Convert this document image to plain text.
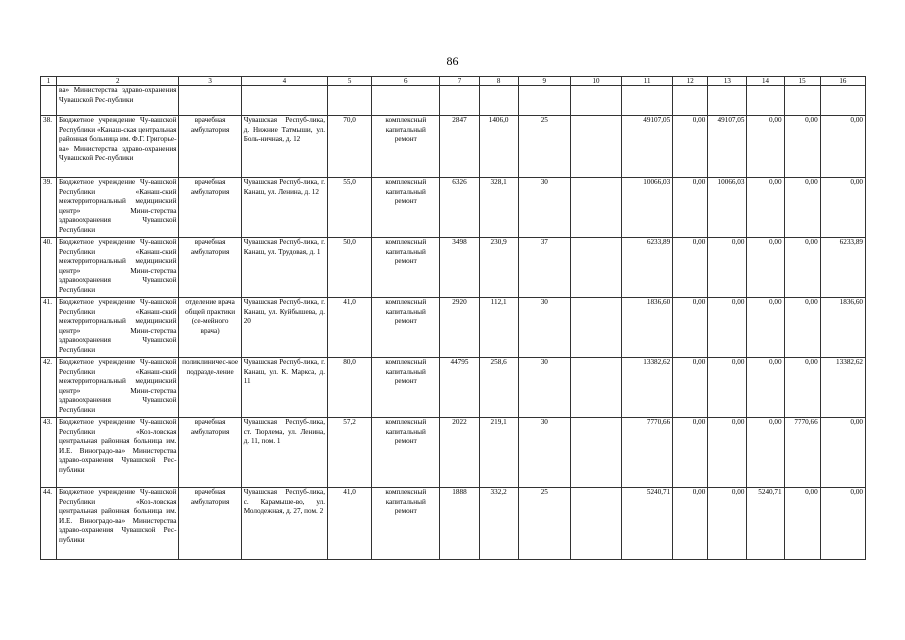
86
1	2	3	4	5	6	7	8	9	10	11	12	13	14	15	16
	ва» Министерства здраво-охранения Чувашской Рес-публики														
38.	Бюджетное учреждение Чу-вашской Республики «Канаш-ская центральная районная больница им. Ф.Г. Григорье-ва» Министерства здраво-охранения Чувашской Рес-публики	врачебная амбулатория	Чувашская Респуб-лика, д. Нижние Татмыши, ул. Боль-ничная, д. 12	70,0	комплексный капитальный ремонт	2847	1406,0	25		49107,05	0,00	49107,05	0,00	0,00	0,00
39.	Бюджетное учреждение Чу-вашской Республики «Канаш-ский межтерриториальный медицинский центр» Мини-стерства здравоохранения Чувашской Республики	врачебная амбулатория	Чувашская Респуб-лика, г. Канаш, ул. Ленина, д. 12	55,0	комплексный капитальный ремонт	6326	328,1	30		10066,03	0,00	10066,03	0,00	0,00	0,00
40.	Бюджетное учреждение Чу-вашской Республики «Канаш-ский межтерриториальный медицинский центр» Мини-стерства здравоохранения Чувашской Республики	врачебная амбулатория	Чувашская Респуб-лика, г. Канаш, ул. Трудовая, д. 1	50,0	комплексный капитальный ремонт	3498	230,9	37		6233,89	0,00	0,00	0,00	0,00	6233,89
41.	Бюджетное учреждение Чу-вашской Республики «Канаш-ский межтерриториальный медицинский центр» Мини-стерства здравоохранения Чувашской Республики	отделение врача общей практики (се-мейного врача)	Чувашская Респуб-лика, г. Канаш, ул. Куйбышева, д. 20	41,0	комплексный капитальный ремонт	2920	112,1	30		1836,60	0,00	0,00	0,00	0,00	1836,60
42.	Бюджетное учреждение Чу-вашской Республики «Канаш-ский межтерриториальный медицинский центр» Мини-стерства здравоохранения Чувашской Республики	поликлиничес-кое подразде-ление	Чувашская Респуб-лика, г. Канаш, ул. К. Маркса, д. 11	80,0	комплексный капитальный ремонт	44795	258,6	30		13382,62	0,00	0,00	0,00	0,00	13382,62
43.	Бюджетное учреждение Чу-вашской Республики «Коз-ловская центральная районная больница им. И.Е. Виноградо-ва» Министерства здраво-охранения Чувашской Рес-публики	врачебная амбулатория	Чувашская Респуб-лика, ст. Тюрлема, ул. Ленина, д. 11, пом. 1	57,2	комплексный капитальный ремонт	2022	219,1	30		7770,66	0,00	0,00	0,00	7770,66	0,00
44.	Бюджетное учреждение Чу-вашской Республики «Коз-ловская центральная районная больница им. И.Е. Виноградо-ва» Министерства здраво-охранения Чувашской Рес-публики	врачебная амбулатория	Чувашская Респуб-лика, с. Карамышe-во, ул. Молодежная, д. 27, пом. 2	41,0	комплексный капитальный ремонт	1888	332,2	25		5240,71	0,00	0,00	5240,71	0,00	0,00
